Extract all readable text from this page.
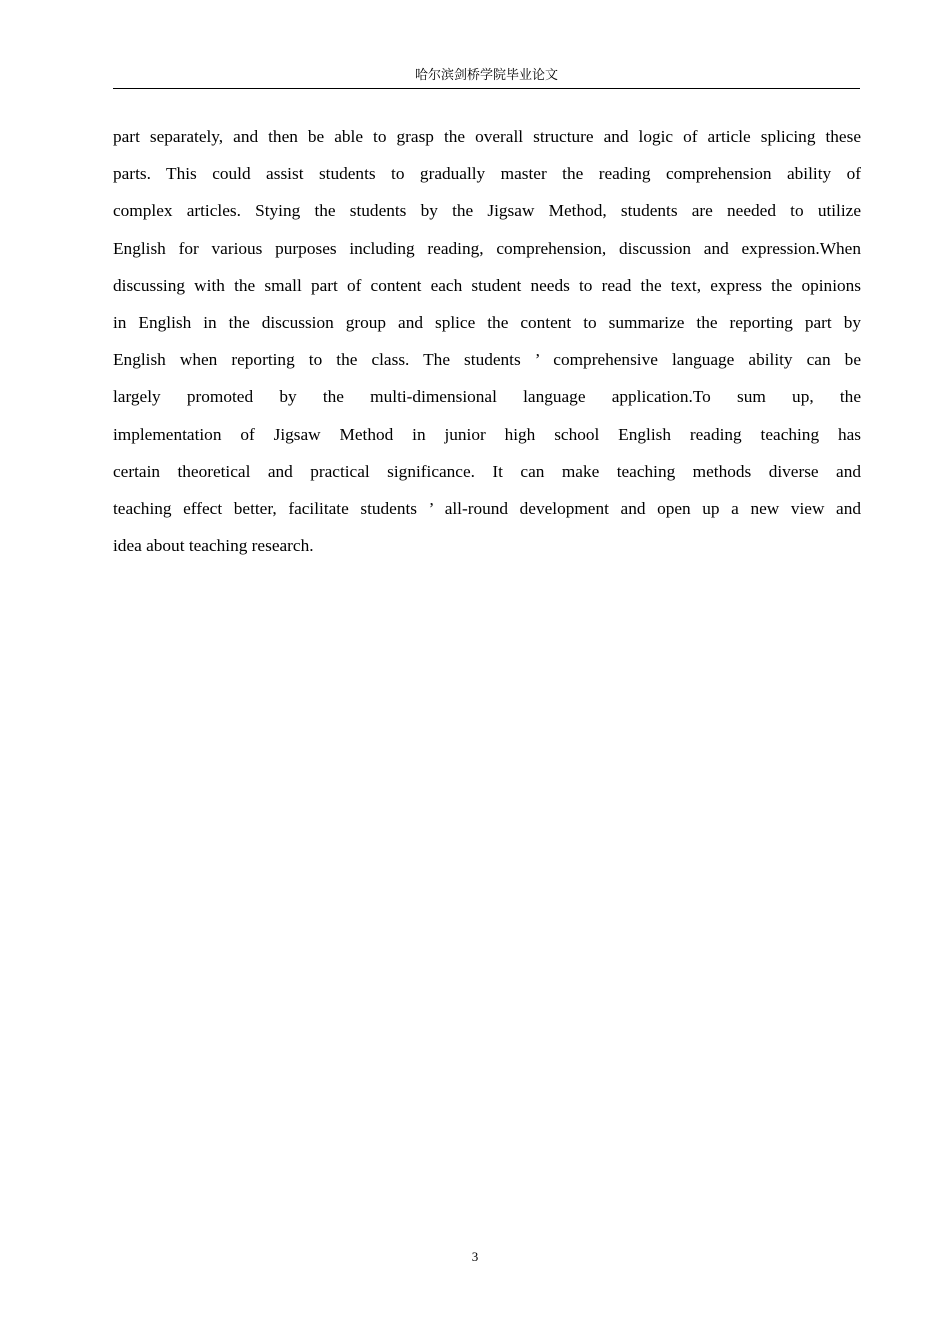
哈尔滨剑桥学院毕业论文
part separately, and then be able to grasp the overall structure and logic of article splicing these
parts. This could assist students to gradually master the reading comprehension ability of
complex articles. Stying the students by the Jigsaw Method, students are needed to utilize
English for various purposes including reading, comprehension, discussion and expression.When
discussing with the small part of content each student needs to read the text, express the opinions
in English in the discussion group and splice the content to summarize the reporting part by
English when reporting to the class. The students ’ comprehensive language ability can be
largely promoted by the multi-dimensional language application.To sum up, the
implementation of Jigsaw Method in junior high school English reading teaching has
certain theoretical and practical significance. It can make teaching methods diverse and
teaching effect better, facilitate students ’ all-round development and open up a new view and
idea about teaching research.
3
